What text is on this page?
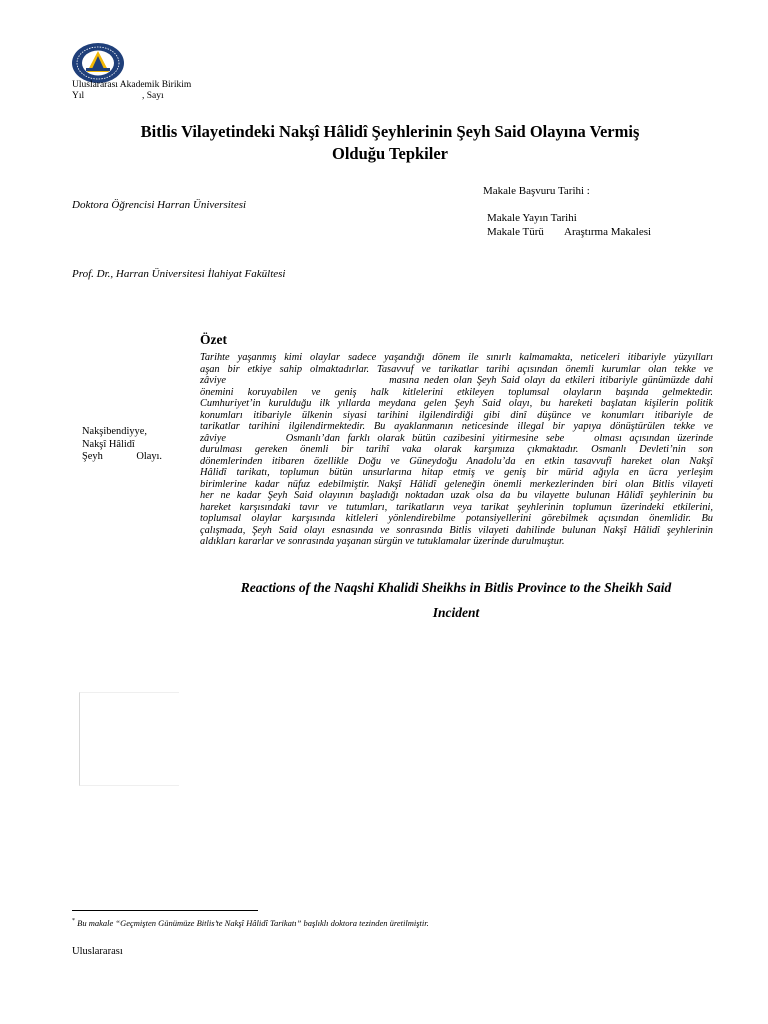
Uluslararası Akademik Birikim
Yıl	, Sayı
Bitlis Vilayetindeki Nakşî Hâlidî Şeyhlerinin Şeyh Said Olayına Vermiş
Olduğu Tepkiler
Makale Başvuru Tarihi :
Makale Yayın Tarihi
Makale Türü Araştırma Makalesi
Doktora Öğrencisi Harran Üniversitesi
Prof. Dr., Harran Üniversitesi İlahiyat Fakültesi
Özet
Tarihte yaşanmış kimi olaylar sadece yaşandığı dönem ile sınırlı kalmamakta, neticeleri itibariyle yüzyılları
aşan bir etkiye sahip olmaktadırlar. Tasavvuf ve tarikatlar tarihi açısından önemli kurumlar olan tekke ve
zâviye                                  masına neden olan Şeyh Said olayı da etkileri itibariyle günümüzde dahi
önemini koruyabilen ve geniş halk kitlelerini etkileyen toplumsal olayların başında gelmektedir.
Cumhuriyet’in kurulduğu ilk yıllarda meydana gelen Şeyh Said olayı, bu hareketi başlatan kişilerin politik
konumları itibariyle ülkenin siyasi tarihini ilgilendirdiği gibi dinî düşünce ve konumları itibariyle de
tarikatlar tarihini ilgilendirmektedir. Bu ayaklanmanın neticesinde illegal bir yapıya dönüştürülen tekke ve
zâviye        Osmanlı’dan farklı olarak bütün cazibesini yitirmesine sebe    olması açısından üzerinde
durulması gereken önemli bir tarihî vaka olarak karşımıza çıkmaktadır. Osmanlı Devleti’nin son
dönemlerinden itibaren özellikle Doğu ve Güneydoğu Anadolu’da en etkin tasavvufî hareket olan Nakşî
Hâlidî tarikatı, toplumun bütün unsurlarına hitap etmiş ve geniş bir mürid ağıyla en ücra yerleşim
birimlerine kadar nüfuz edebilmiştir. Nakşî Hâlidî geleneğin önemli merkezlerinden biri olan Bitlis vilayeti
her ne kadar Şeyh Said olayının başladığı noktadan uzak olsa da bu vilayette bulunan Hâlidî şeyhlerinin bu
hareket karşısındaki tavır ve tutumları, tarikatların veya tarikat şeyhlerinin toplumun üzerindeki etkilerini,
toplumsal olaylar karşısında kitleleri yönlendirebilme potansiyellerini görebilmek açısından önemlidir. Bu
çalışmada, Şeyh Said olayı esnasında ve sonrasında Bitlis vilayeti dahilinde bulunan Nakşî Hâlidî şeyhlerinin
aldıkları kararlar ve sonrasında yaşanan sürgün ve tutuklamalar üzerinde durulmuştur.
Nakşibendiyye,
Nakşî Hâlidî
Şeyh	Olayı.
Reactions of the Naqshi Khalidi Sheikhs in Bitlis Province to the Sheikh Said
Incident
* Bu makale “Geçmişten Günümüze Bitlis’te Nakşî Hâlidî Tarikatı” başlıklı doktora tezinden üretilmiştir.
Uluslararası
